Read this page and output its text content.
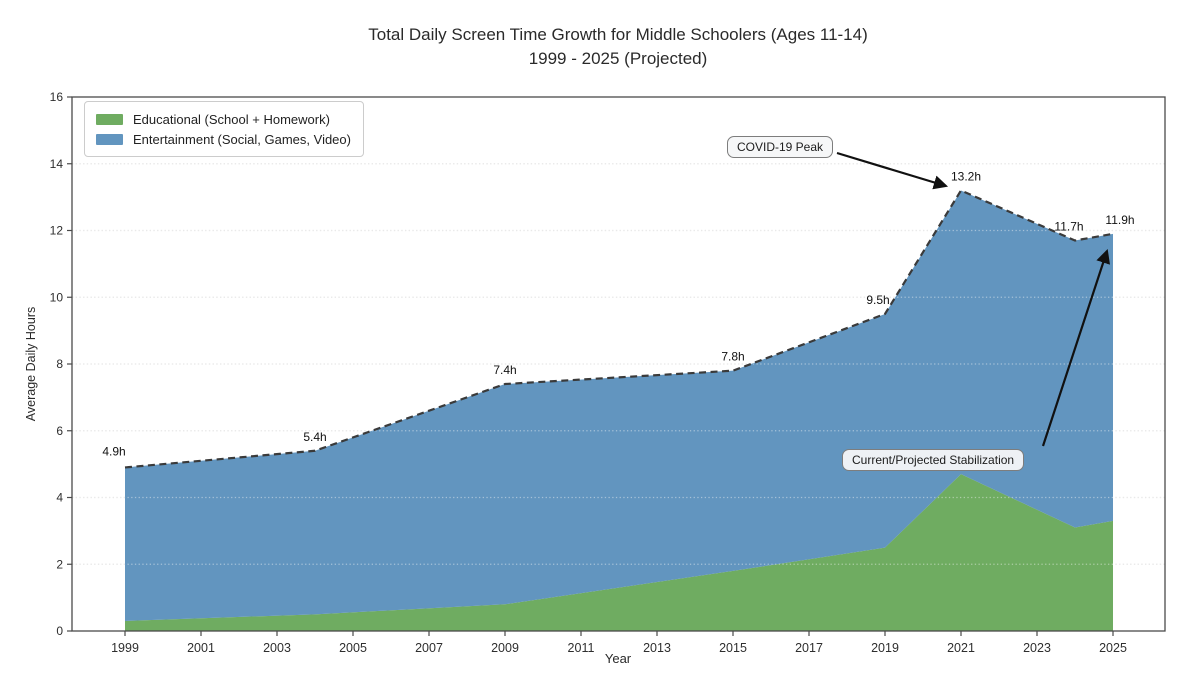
1999	2001	2003	2005	2007	2009	2011	2013	2015	2017	2019	2021	2023	2025
0
2
4
6
8
10
12
14
16
4.9h
5.4h
7.4h
7.8h
9.5h
13.2h
11.7h 11.9h
Total Daily Screen Time Growth for Middle Schoolers (Ages 11-14)
1999 - 2025 (Projected)
Average Daily Hours
Year
Educational (School + Homework)
Entertainment (Social, Games, Video)
COVID-19 Peak
Current/Projected Stabilization
